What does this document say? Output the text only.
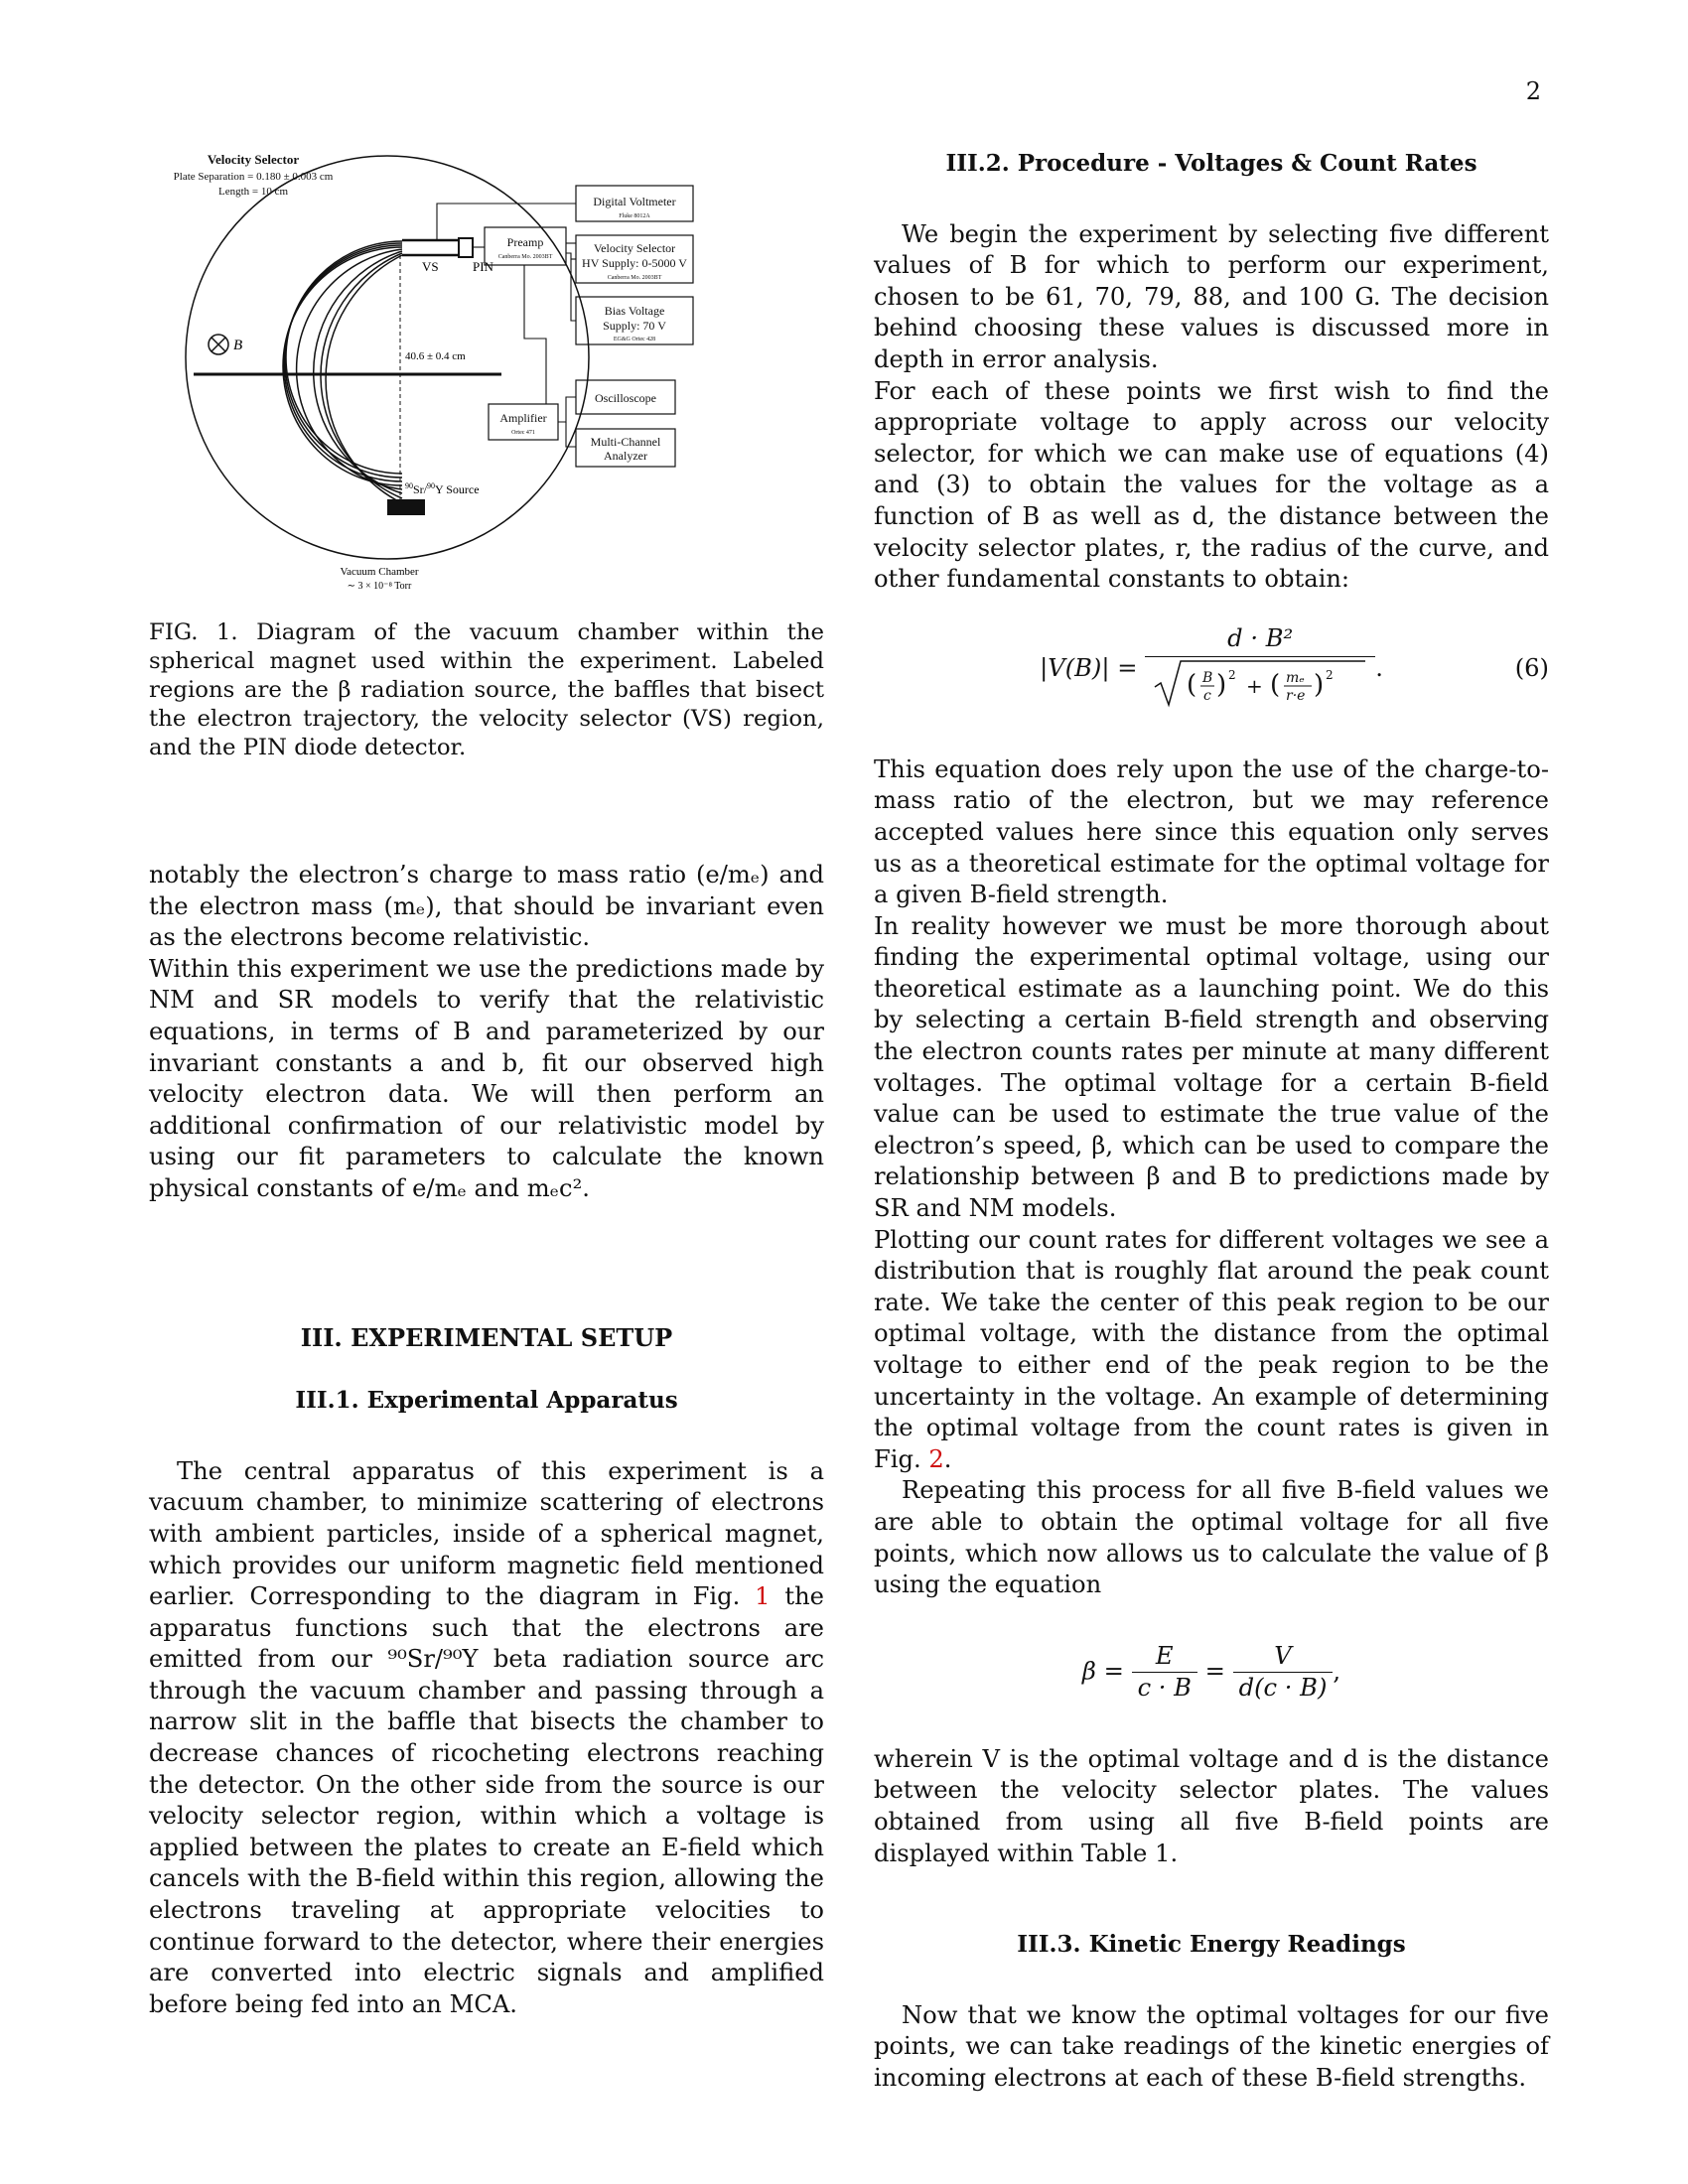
2
Velocity Selector
Plate Separation = 0.180 ± 0.003 cm
Length = 10 cm
VS	PIN
40.6 ± 0.4 cm
B
$^{90}$Sr/$^{90}$Y Source
Vacuum Chamber
∼ 3 × 10⁻⁸ Torr
Digital Voltmeter
Fluke 8012A
Velocity Selector
HV Supply: 0-5000 V
Canberra Mo. 2003BT
Bias Voltage
Supply: 70 V
EG&G Ortec 428
Preamp
Canberra Mo. 2003BT
Oscilloscope
Multi-Channel
Analyzer
Amplifier
Ortec 471

FIG. 1. Diagram of the vacuum chamber within the spherical magnet used within the experiment. Labeled regions are the β radiation source, the baffles that bisect the electron trajectory, the velocity selector (VS) region, and the PIN diode detector.

notably the electron’s charge to mass ratio (e/mₑ) and the electron mass (mₑ), that should be invariant even as the electrons become relativistic.

Within this experiment we use the predictions made by NM and SR models to verify that the relativistic equations, in terms of B and parameterized by our invariant constants a and b, fit our observed high velocity electron data. We will then perform an additional confirmation of our relativistic model by using our fit parameters to calculate the known physical constants of e/mₑ and mₑc².

III. EXPERIMENTAL SETUP
III.1. Experimental Apparatus

The central apparatus of this experiment is a vacuum chamber, to minimize scattering of electrons with ambient particles, inside of a spherical magnet, which provides our uniform magnetic field mentioned earlier. Corresponding to the diagram in Fig. 1 the apparatus functions such that the electrons are emitted from our ⁹⁰Sr/⁹⁰Y beta radiation source arc through the vacuum chamber and passing through a narrow slit in the baffle that bisects the chamber to decrease chances of ricocheting electrons reaching the detector. On the other side from the source is our velocity selector region, within which a voltage is applied between the plates to create an E-field which cancels with the B-field within this region, allowing the electrons traveling at appropriate velocities to continue forward to the detector, where their energies are converted into electric signals and amplified before being fed into an MCA.

III.2. Procedure - Voltages & Count Rates

We begin the experiment by selecting five different values of B for which to perform our experiment, chosen to be 61, 70, 79, 88, and 100 G. The decision behind choosing these values is discussed more in depth in error analysis.

For each of these points we first wish to find the appropriate voltage to apply across our velocity selector, for which we can make use of equations (4) and (3) to obtain the values for the voltage as a function of B as well as d, the distance between the velocity selector plates, r, the radius of the curve, and other fundamental constants to obtain:

|V(B)| =
d · B²
( B
c ) 2 + ( mₑ
r·e ) 2 .	(6)

This equation does rely upon the use of the charge-to-mass ratio of the electron, but we may reference accepted values here since this equation only serves us as a theoretical estimate for the optimal voltage for a given B-field strength.

In reality however we must be more thorough about finding the experimental optimal voltage, using our theoretical estimate as a launching point. We do this by selecting a certain B-field strength and observing the electron counts rates per minute at many different voltages. The optimal voltage for a certain B-field value can be used to estimate the true value of the electron’s speed, β, which can be used to compare the relationship between β and B to predictions made by SR and NM models.

Plotting our count rates for different voltages we see a distribution that is roughly flat around the peak count rate. We take the center of this peak region to be our optimal voltage, with the distance from the optimal voltage to either end of the peak region to be the uncertainty in the voltage. An example of determining the optimal voltage from the count rates is given in Fig. 2.

Repeating this process for all five B-field values we are able to obtain the optimal voltage for all five points, which now allows us to calculate the value of β using the equation

$\beta = \frac{E}{c \cdot B} = \frac{V}{d(c \cdot B)}$ ,

wherein V is the optimal voltage and d is the distance between the velocity selector plates. The values obtained from using all five B-field points are displayed within Table 1.

III.3. Kinetic Energy Readings

Now that we know the optimal voltages for our five points, we can take readings of the kinetic energies of incoming electrons at each of these B-field strengths.
